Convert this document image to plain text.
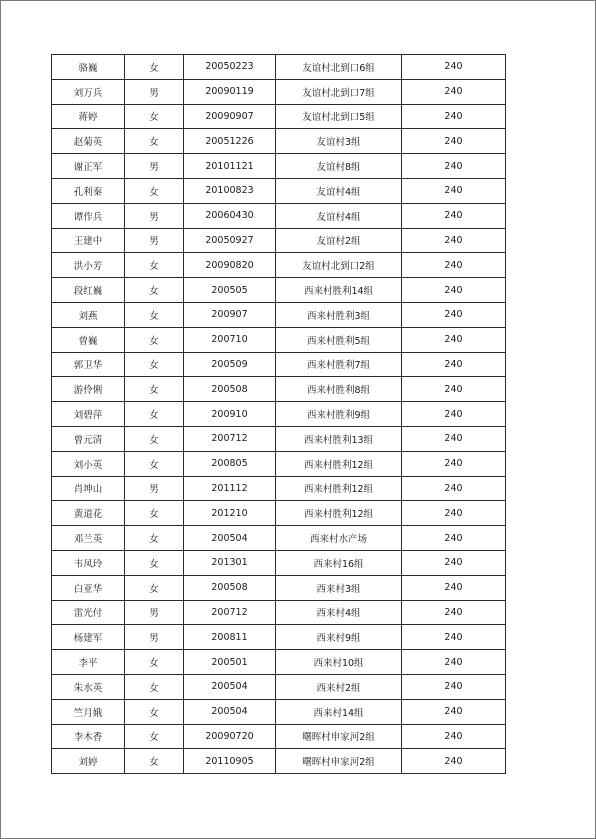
骆巍	女	20050223	友谊村北到口6组	240
刘万兵	男	20090119	友谊村北到口7组	240
蒋婷	女	20090907	友谊村北到口5组	240
赵菊英	女	20051226	友谊村3组	240
谢正军	男	20101121	友谊村8组	240
孔利秦	女	20100823	友谊村4组	240
谭作兵	男	20060430	友谊村4组	240
王建中	男	20050927	友谊村2组	240
洪小芳	女	20090820	友谊村北到口2组	240
段红巍	女	200505	西来村胜利14组	240
刘燕	女	200907	西来村胜利3组	240
曾巍	女	200710	西来村胜利5组	240
郭卫华	女	200509	西来村胜利7组	240
游伶俐	女	200508	西来村胜利8组	240
刘碧萍	女	200910	西来村胜利9组	240
曾元清	女	200712	西来村胜利13组	240
刘小英	女	200805	西来村胜利12组	240
肖坤山	男	201112	西来村胜利12组	240
黄道花	女	201210	西来村胜利12组	240
邓兰英	女	200504	西来村水产场	240
韦凤玲	女	201301	西来村16组	240
白亚华	女	200508	西来村3组	240
雷光付	男	200712	西来村4组	240
杨建军	男	200811	西来村9组	240
李平	女	200501	西来村10组	240
朱水英	女	200504	西来村2组	240
竺月娥	女	200504	西来村14组	240
李木香	女	20090720	曙晖村申家河2组	240
刘婷	女	20110905	曙晖村申家河2组	240
